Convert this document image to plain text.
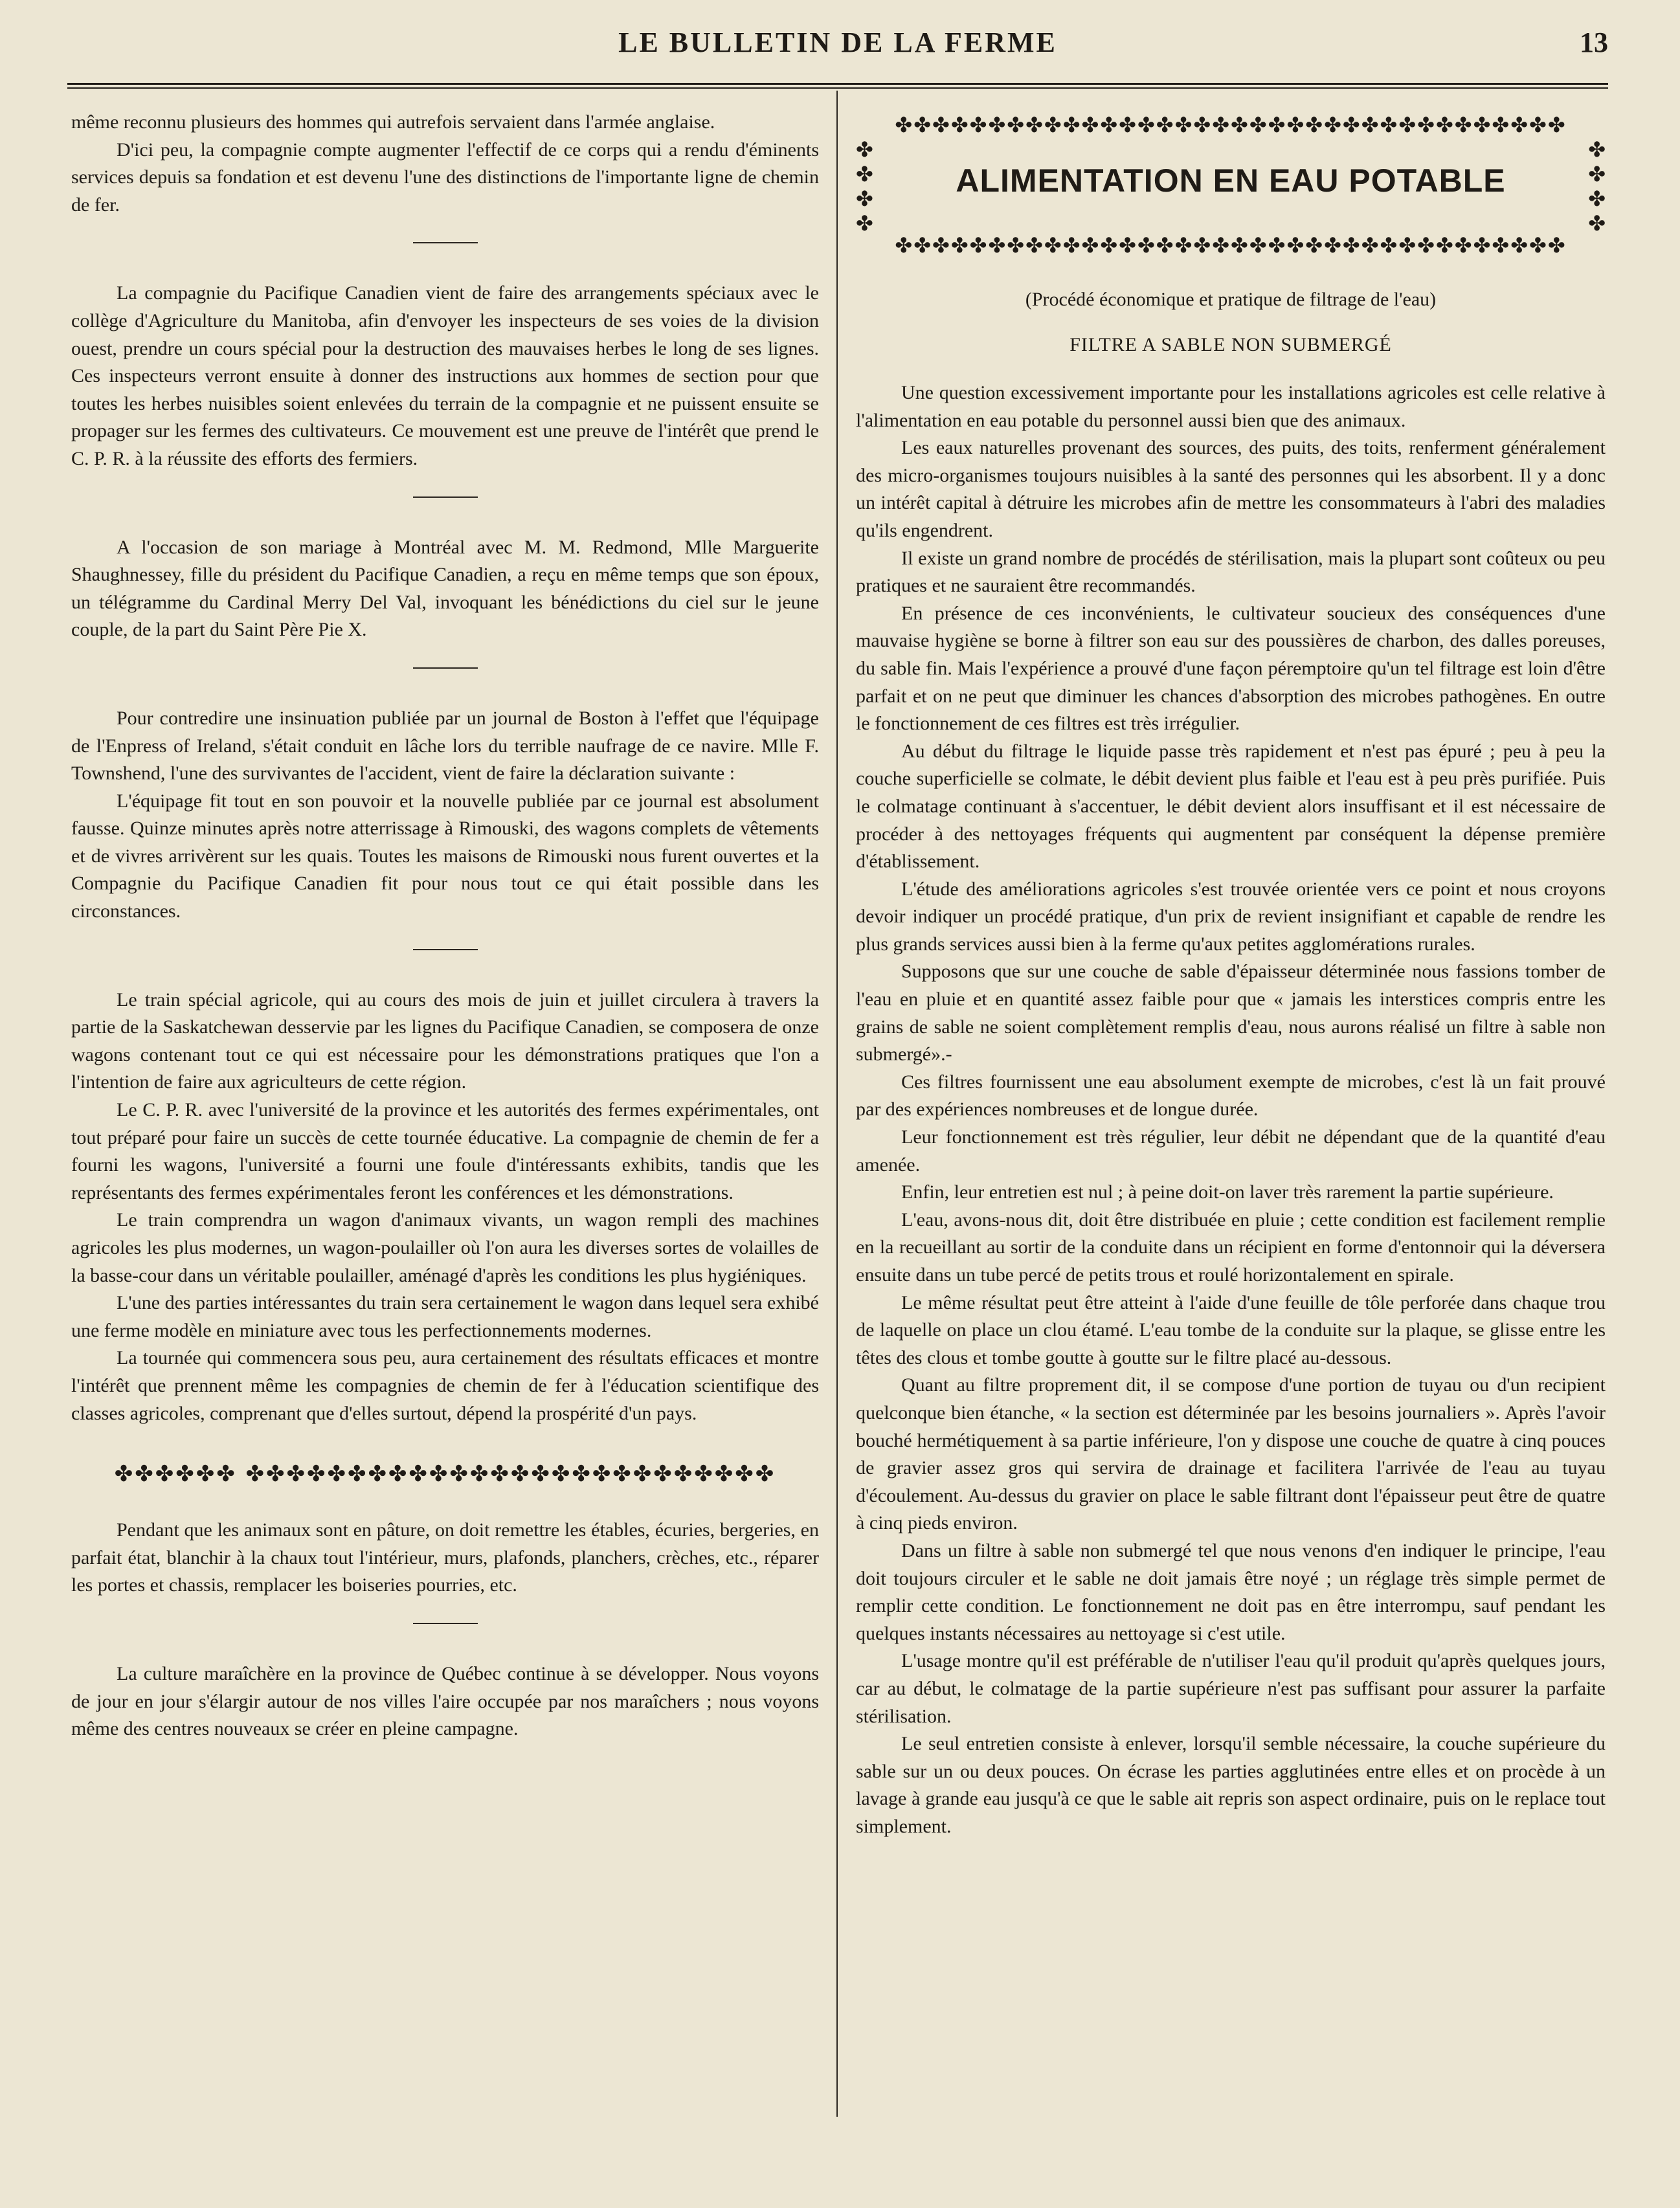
LE BULLETIN DE LA FERME	13

même reconnu plusieurs des hommes qui autrefois servaient dans l'armée anglaise.

D'ici peu, la compagnie compte augmenter l'effectif de ce corps qui a rendu d'éminents services depuis sa fondation et est devenu l'une des distinctions de l'importante ligne de chemin de fer.

La compagnie du Pacifique Canadien vient de faire des arrangements spéciaux avec le collège d'Agriculture du Manitoba, afin d'envoyer les inspecteurs de ses voies de la division ouest, prendre un cours spécial pour la destruction des mauvaises herbes le long de ses lignes. Ces inspecteurs verront ensuite à donner des instructions aux hommes de section pour que toutes les herbes nuisibles soient enlevées du terrain de la compagnie et ne puissent ensuite se propager sur les fermes des cultivateurs. Ce mouvement est une preuve de l'intérêt que prend le C. P. R. à la réussite des efforts des fermiers.

A l'occasion de son mariage à Montréal avec M. M. Redmond, Mlle Marguerite Shaughnessey, fille du président du Pacifique Canadien, a reçu en même temps que son époux, un télégramme du Cardinal Merry Del Val, invoquant les bénédictions du ciel sur le jeune couple, de la part du Saint Père Pie X.

Pour contredire une insinuation publiée par un journal de Boston à l'effet que l'équipage de l'Enpress of Ireland, s'était conduit en lâche lors du terrible naufrage de ce navire. Mlle F. Townshend, l'une des survivantes de l'accident, vient de faire la déclaration suivante :

L'équipage fit tout en son pouvoir et la nouvelle publiée par ce journal est absolument fausse. Quinze minutes après notre atterrissage à Rimouski, des wagons complets de vêtements et de vivres arrivèrent sur les quais. Toutes les maisons de Rimouski nous furent ouvertes et la Compagnie du Pacifique Canadien fit pour nous tout ce qui était possible dans les circonstances.

Le train spécial agricole, qui au cours des mois de juin et juillet circulera à travers la partie de la Saskatchewan desservie par les lignes du Pacifique Canadien, se composera de onze wagons contenant tout ce qui est nécessaire pour les démonstrations pratiques que l'on a l'intention de faire aux agriculteurs de cette région.

Le C. P. R. avec l'université de la province et les autorités des fermes expérimentales, ont tout préparé pour faire un succès de cette tournée éducative. La compagnie de chemin de fer a fourni les wagons, l'université a fourni une foule d'intéressants exhibits, tandis que les représentants des fermes expérimentales feront les conférences et les démonstrations.

Le train comprendra un wagon d'animaux vivants, un wagon rempli des machines agricoles les plus modernes, un wagon-poulailler où l'on aura les diverses sortes de volailles de la basse-cour dans un véritable poulailler, aménagé d'après les conditions les plus hygiéniques.

L'une des parties intéressantes du train sera certainement le wagon dans lequel sera exhibé une ferme modèle en miniature avec tous les perfectionnements modernes.

La tournée qui commencera sous peu, aura certainement des résultats efficaces et montre l'intérêt que prennent même les compagnies de chemin de fer à l'éducation scientifique des classes agricoles, comprenant que d'elles surtout, dépend la prospérité d'un pays.

✤✤✤✤✤✤ ✤✤✤✤✤✤✤✤✤✤✤✤✤✤✤✤✤✤✤✤✤✤✤✤✤✤

Pendant que les animaux sont en pâture, on doit remettre les étables, écuries, bergeries, en parfait état, blanchir à la chaux tout l'intérieur, murs, plafonds, planchers, crèches, etc., réparer les portes et chassis, remplacer les boiseries pourries, etc.

La culture maraîchère en la province de Québec continue à se développer. Nous voyons de jour en jour s'élargir autour de nos villes l'aire occupée par nos maraîchers ; nous voyons même des centres nouveaux se créer en pleine campagne.

✤✤✤✤✤✤✤✤✤✤✤✤✤✤✤✤✤✤✤✤✤✤✤✤✤✤✤✤✤✤✤✤✤✤✤✤
✤
✤
✤
✤
✤
✤
✤
✤
ALIMENTATION EN EAU POTABLE
✤✤✤✤✤✤✤✤✤✤✤✤✤✤✤✤✤✤✤✤✤✤✤✤✤✤✤✤✤✤✤✤✤✤✤✤
(Procédé économique et pratique de filtrage de l'eau)
FILTRE A SABLE NON SUBMERGÉ

Une question excessivement importante pour les installations agricoles est celle relative à l'alimentation en eau potable du personnel aussi bien que des animaux.

Les eaux naturelles provenant des sources, des puits, des toits, renferment généralement des micro-organismes toujours nuisibles à la santé des personnes qui les absorbent. Il y a donc un intérêt capital à détruire les microbes afin de mettre les consommateurs à l'abri des maladies qu'ils engendrent.

Il existe un grand nombre de procédés de stérilisation, mais la plupart sont coûteux ou peu pratiques et ne sauraient être recommandés.

En présence de ces inconvénients, le cultivateur soucieux des conséquences d'une mauvaise hygiène se borne à filtrer son eau sur des poussières de charbon, des dalles poreuses, du sable fin. Mais l'expérience a prouvé d'une façon péremptoire qu'un tel filtrage est loin d'être parfait et on ne peut que diminuer les chances d'absorption des microbes pathogènes. En outre le fonctionnement de ces filtres est très irrégulier.

Au début du filtrage le liquide passe très rapidement et n'est pas épuré ; peu à peu la couche superficielle se colmate, le débit devient plus faible et l'eau est à peu près purifiée. Puis le colmatage continuant à s'accentuer, le débit devient alors insuffisant et il est nécessaire de procéder à des nettoyages fréquents qui augmentent par conséquent la dépense première d'établissement.

L'étude des améliorations agricoles s'est trouvée orientée vers ce point et nous croyons devoir indiquer un procédé pratique, d'un prix de revient insignifiant et capable de rendre les plus grands services aussi bien à la ferme qu'aux petites agglomérations rurales.

Supposons que sur une couche de sable d'épaisseur déterminée nous fassions tomber de l'eau en pluie et en quantité assez faible pour que « jamais les interstices compris entre les grains de sable ne soient complètement remplis d'eau, nous aurons réalisé un filtre à sable non submergé».-

Ces filtres fournissent une eau absolument exempte de microbes, c'est là un fait prouvé par des expériences nombreuses et de longue durée.

Leur fonctionnement est très régulier, leur débit ne dépendant que de la quantité d'eau amenée.

Enfin, leur entretien est nul ; à peine doit-on laver très rarement la partie supérieure.

L'eau, avons-nous dit, doit être distribuée en pluie ; cette condition est facilement remplie en la recueillant au sortir de la conduite dans un récipient en forme d'entonnoir qui la déversera ensuite dans un tube percé de petits trous et roulé horizontalement en spirale.

Le même résultat peut être atteint à l'aide d'une feuille de tôle perforée dans chaque trou de laquelle on place un clou étamé. L'eau tombe de la conduite sur la plaque, se glisse entre les têtes des clous et tombe goutte à goutte sur le filtre placé au-dessous.

Quant au filtre proprement dit, il se compose d'une portion de tuyau ou d'un recipient quelconque bien étanche, « la section est déterminée par les besoins journaliers ». Après l'avoir bouché hermétiquement à sa partie inférieure, l'on y dispose une couche de quatre à cinq pouces de gravier assez gros qui servira de drainage et facilitera l'arrivée de l'eau au tuyau d'écoulement. Au-dessus du gravier on place le sable filtrant dont l'épaisseur peut être de quatre à cinq pieds environ.

Dans un filtre à sable non submergé tel que nous venons d'en indiquer le principe, l'eau doit toujours circuler et le sable ne doit jamais être noyé ; un réglage très simple permet de remplir cette condition. Le fonctionnement ne doit pas en être interrompu, sauf pendant les quelques instants nécessaires au nettoyage si c'est utile.

L'usage montre qu'il est préférable de n'utiliser l'eau qu'il produit qu'après quelques jours, car au début, le colmatage de la partie supérieure n'est pas suffisant pour assurer la parfaite stérilisation.

Le seul entretien consiste à enlever, lorsqu'il semble nécessaire, la couche supérieure du sable sur un ou deux pouces. On écrase les parties agglutinées entre elles et on procède à un lavage à grande eau jusqu'à ce que le sable ait repris son aspect ordinaire, puis on le replace tout simplement.
